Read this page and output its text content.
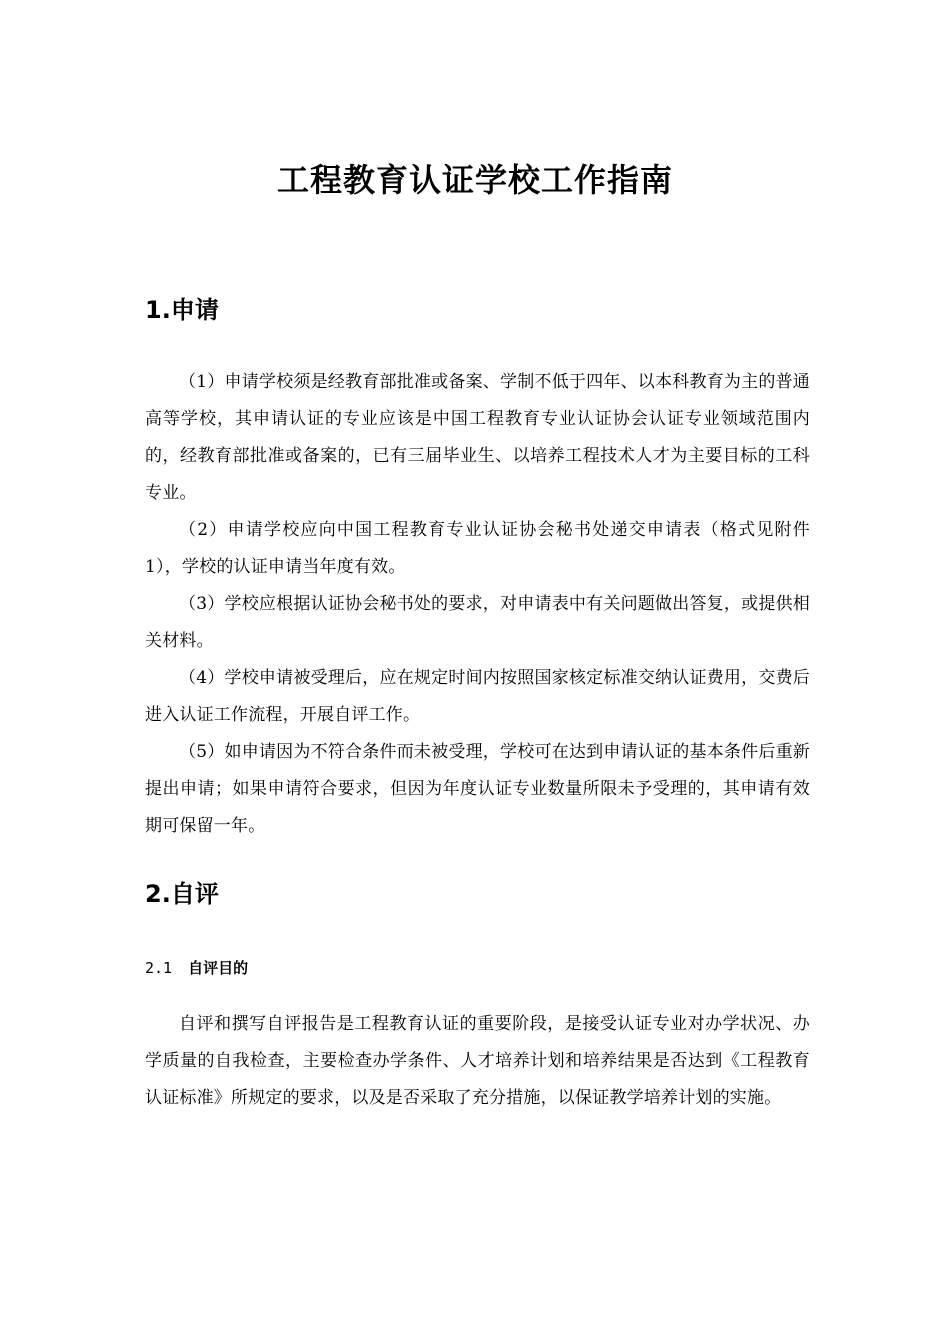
工程教育认证学校工作指南
1.申请

（1）申请学校须是经教育部批准或备案、学制不低于四年、以本科教育为主的普通高等学校，其申请认证的专业应该是中国工程教育专业认证协会认证专业领域范围内的，经教育部批准或备案的，已有三届毕业生、以培养工程技术人才为主要目标的工科专业。

（2）申请学校应向中国工程教育专业认证协会秘书处递交申请表（格式见附件 1），学校的认证申请当年度有效。

（3）学校应根据认证协会秘书处的要求，对申请表中有关问题做出答复，或提供相关材料。

（4）学校申请被受理后，应在规定时间内按照国家核定标准交纳认证费用，交费后进入认证工作流程，开展自评工作。

（5）如申请因为不符合条件而未被受理，学校可在达到申请认证的基本条件后重新提出申请；如果申请符合要求，但因为年度认证专业数量所限未予受理的，其申请有效期可保留一年。

2.自评
2.1 自评目的

自评和撰写自评报告是工程教育认证的重要阶段，是接受认证专业对办学状况、办学质量的自我检查，主要检查办学条件、人才培养计划和培养结果是否达到《工程教育认证标准》所规定的要求，以及是否采取了充分措施，以保证教学培养计划的实施。
